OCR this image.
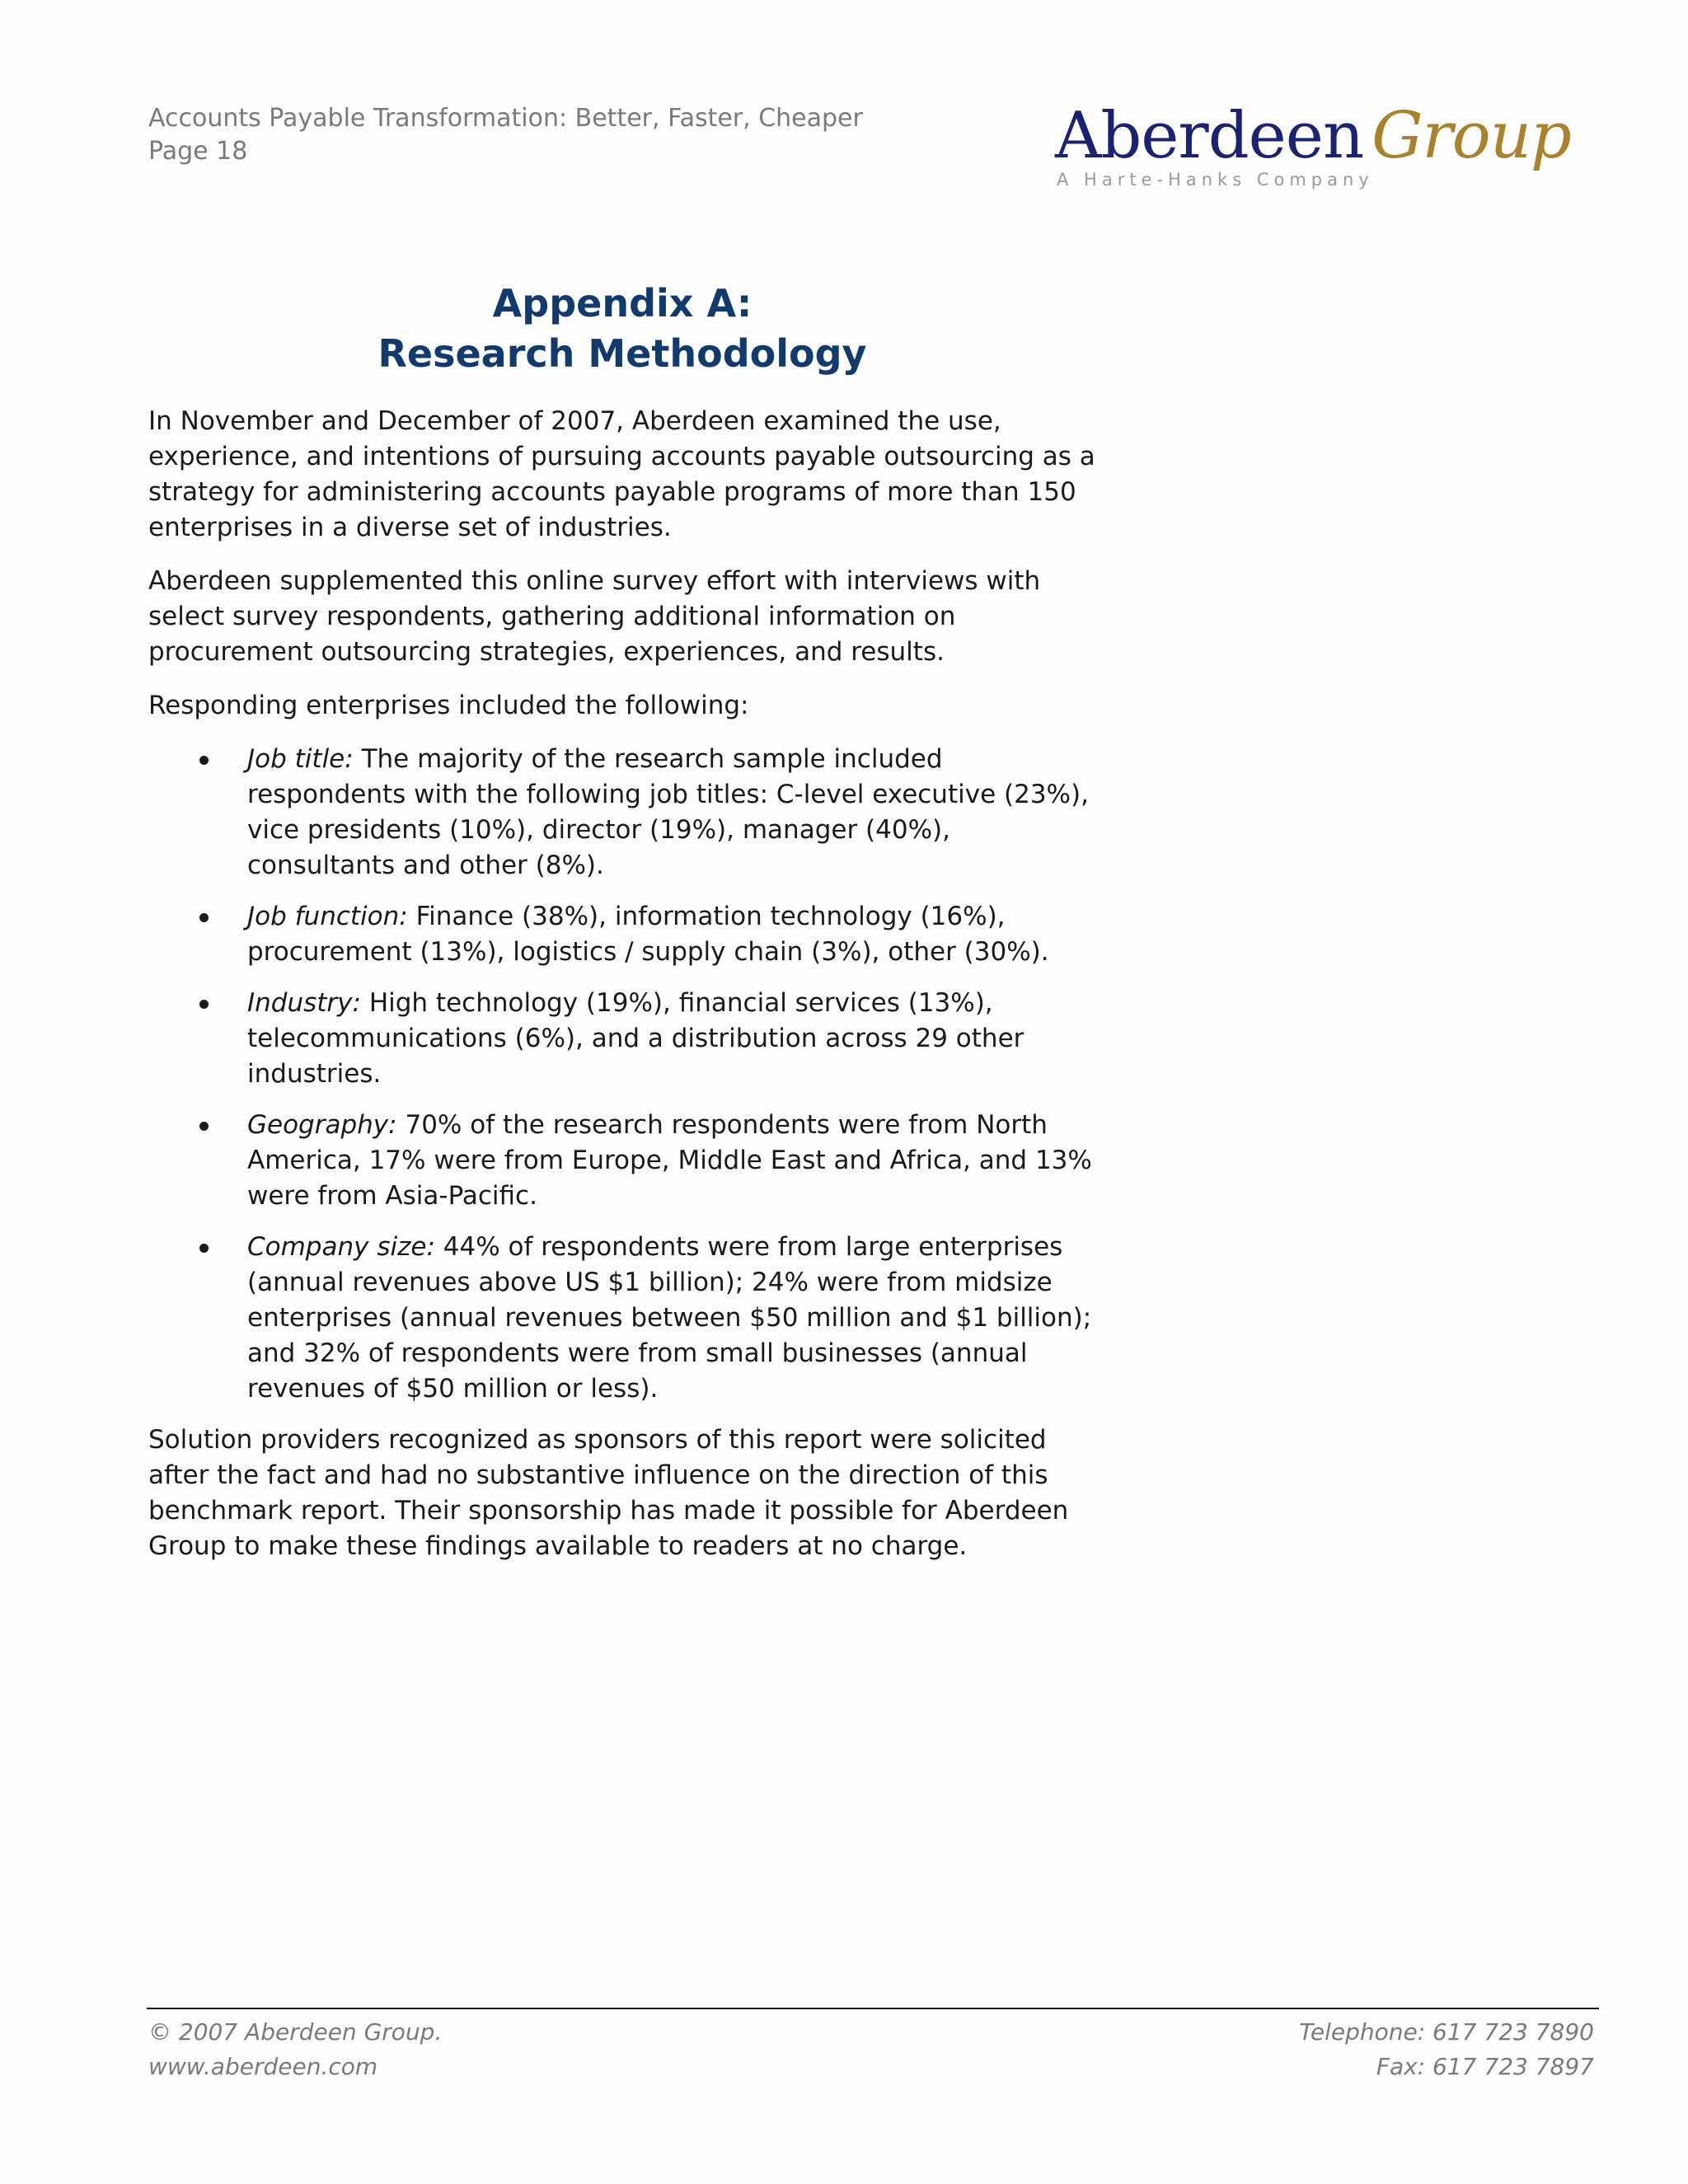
Accounts Payable Transformation: Better, Faster, Cheaper
Page 18	Aberdeen Group
A Harte-Hanks Company
Appendix A:
Research Methodology

In November and December of 2007, Aberdeen examined the use, experience, and intentions of pursuing accounts payable outsourcing as a strategy for administering accounts payable programs of more than 150 enterprises in a diverse set of industries.

Aberdeen supplemented this online survey effort with interviews with select survey respondents, gathering additional information on procurement outsourcing strategies, experiences, and results.

Responding enterprises included the following:

Job title: The majority of the research sample included respondents with the following job titles: C-level executive (23%), vice presidents (10%), director (19%), manager (40%), consultants and other (8%).
Job function: Finance (38%), information technology (16%), procurement (13%), logistics / supply chain (3%), other (30%).
Industry: High technology (19%), financial services (13%), telecommunications (6%), and a distribution across 29 other industries.
Geography: 70% of the research respondents were from North America, 17% were from Europe, Middle East and Africa, and 13% were from Asia-Pacific.
Company size: 44% of respondents were from large enterprises (annual revenues above US $1 billion); 24% were from midsize enterprises (annual revenues between $50 million and $1 billion); and 32% of respondents were from small businesses (annual revenues of $50 million or less).

Solution providers recognized as sponsors of this report were solicited after the fact and had no substantive influence on the direction of this benchmark report. Their sponsorship has made it possible for Aberdeen Group to make these findings available to readers at no charge.

© 2007 Aberdeen Group.
www.aberdeen.com
Telephone: 617 723 7890
Fax: 617 723 7897
